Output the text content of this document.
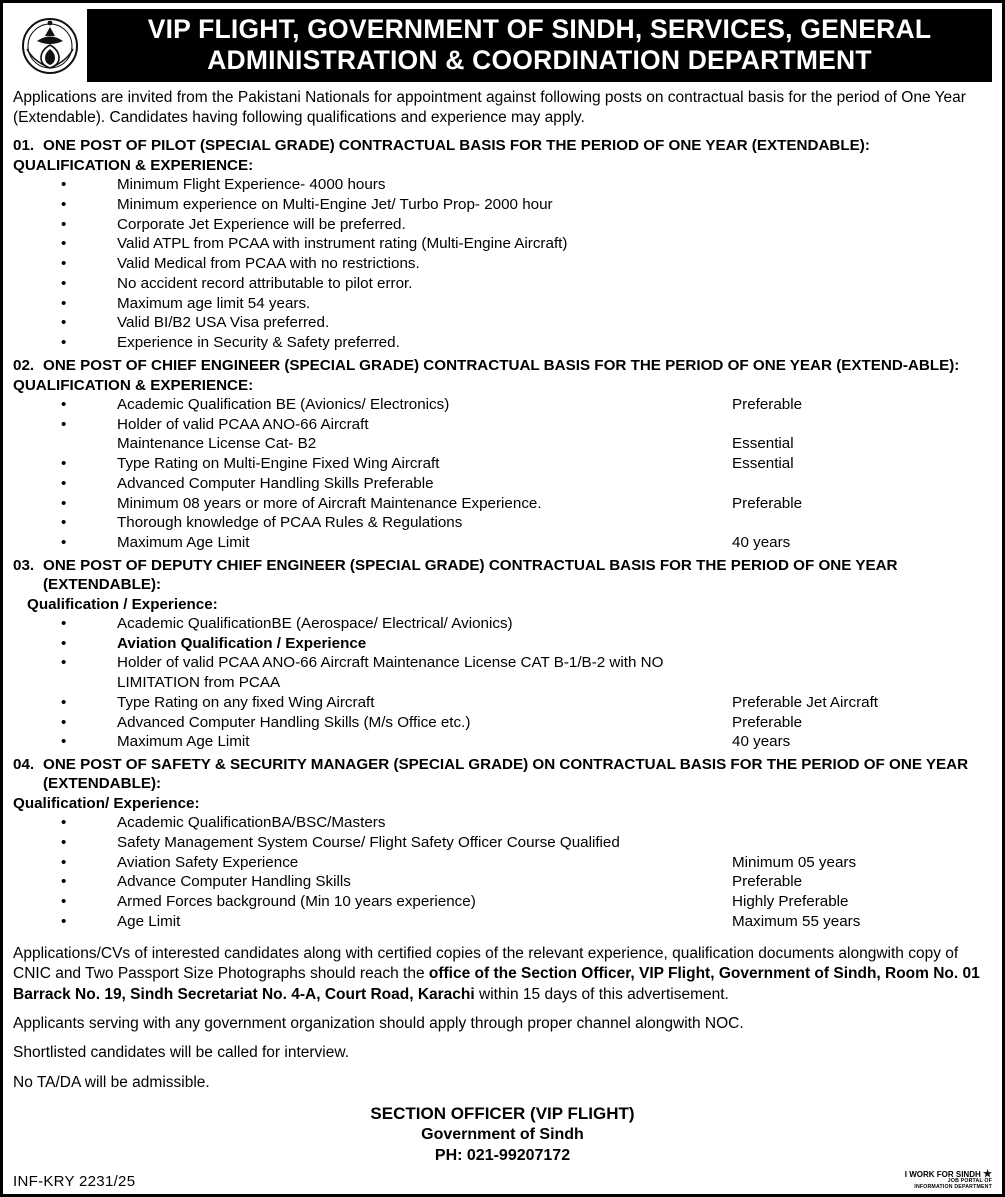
VIP FLIGHT, GOVERNMENT OF SINDH, SERVICES, GENERAL
ADMINISTRATION & COORDINATION DEPARTMENT
Applications are invited from the Pakistani Nationals for appointment against following posts on contractual basis for the period of One Year (Extendable). Candidates having following qualifications and experience may apply.
01. ONE POST OF PILOT (SPECIAL GRADE) CONTRACTUAL BASIS FOR THE PERIOD OF ONE YEAR (EXTENDABLE):
QUALIFICATION & EXPERIENCE:
•	Minimum Flight Experience- 4000 hours
•	Minimum experience on Multi-Engine Jet/ Turbo Prop- 2000 hour
•	Corporate Jet Experience will be preferred.
•	Valid ATPL from PCAA with instrument rating (Multi-Engine Aircraft)
•	Valid Medical from PCAA with no restrictions.
•	No accident record attributable to pilot error.
•	Maximum age limit 54 years.
•	Valid BI/B2 USA Visa preferred.
•	Experience in Security & Safety preferred.
02. ONE POST OF CHIEF ENGINEER (SPECIAL GRADE) CONTRACTUAL BASIS FOR THE PERIOD OF ONE YEAR (EXTEND-ABLE):
QUALIFICATION & EXPERIENCE:
•	Academic Qualification BE (Avionics/ Electronics)	Preferable
•	Holder of valid PCAA ANO-66 Aircraft
Maintenance License Cat- B2	Essential
•	Type Rating on Multi-Engine Fixed Wing Aircraft	Essential
•	Advanced Computer Handling Skills Preferable
•	Minimum 08 years or more of Aircraft Maintenance Experience.	Preferable
•	Thorough knowledge of PCAA Rules & Regulations
•	Maximum Age Limit	40 years
03. ONE POST OF DEPUTY CHIEF ENGINEER (SPECIAL GRADE) CONTRACTUAL BASIS FOR THE PERIOD OF ONE YEAR (EXTENDABLE):
Qualification / Experience:
•	Academic QualificationBE (Aerospace/ Electrical/ Avionics)
•	Aviation Qualification / Experience
•	Holder of valid PCAA ANO-66 Aircraft Maintenance License CAT B-1/B-2 with NO LIMITATION from PCAA
•	Type Rating on any fixed Wing Aircraft	Preferable Jet Aircraft
•	Advanced Computer Handling Skills (M/s Office etc.)	Preferable
•	Maximum Age Limit	40 years
04. ONE POST OF SAFETY & SECURITY MANAGER (SPECIAL GRADE) ON CONTRACTUAL BASIS FOR THE PERIOD OF ONE YEAR (EXTENDABLE):
Qualification/ Experience:
•	Academic QualificationBA/BSC/Masters
•	Safety Management System Course/ Flight Safety Officer Course Qualified
•	Aviation Safety Experience	Minimum 05 years
•	Advance Computer Handling Skills	Preferable
•	Armed Forces background (Min 10 years experience)	Highly Preferable
•	Age Limit	Maximum 55 years

Applications/CVs of interested candidates along with certified copies of the relevant experience, qualification documents alongwith copy of CNIC and Two Passport Size Photographs should reach the office of the Section Officer, VIP Flight, Government of Sindh, Room No. 01 Barrack No. 19, Sindh Secretariat No. 4-A, Court Road, Karachi within 15 days of this advertisement.

Applicants serving with any government organization should apply through proper channel alongwith NOC.

Shortlisted candidates will be called for interview.

No TA/DA will be admissible.

SECTION OFFICER (VIP FLIGHT)
Government of Sindh
PH: 021-99207172
INF-KRY 2231/25	I WORK FOR SINDH
JOB PORTAL OF
INFORMATION DEPARTMENT
